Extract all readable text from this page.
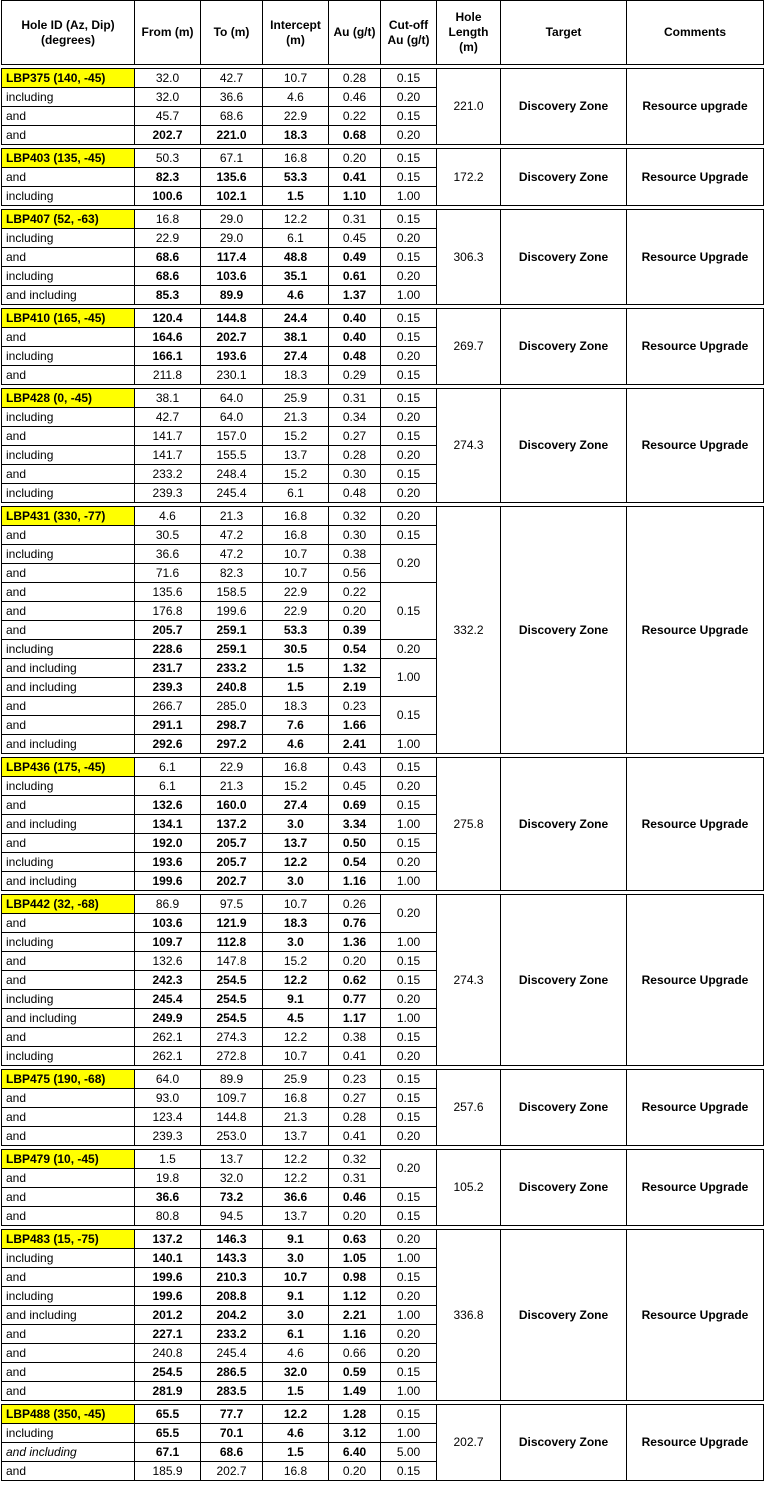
Hole ID (Az, Dip) (degrees)	From (m)	To (m)	Intercept (m)	Au (g/t)	Cut-off Au (g/t)	Hole Length (m)	Target	Comments

LBP375 (140, -45)	32.0	42.7	10.7	0.28	0.15	221.0	Discovery Zone	Resource upgrade
including	32.0	36.6	4.6	0.46	0.20			
and	45.7	68.6	22.9	0.22	0.15			
and	202.7	221.0	18.3	0.68	0.20			

LBP403 (135, -45)	50.3	67.1	16.8	0.20	0.15	172.2	Discovery Zone	Resource Upgrade
and	82.3	135.6	53.3	0.41	0.15			
including	100.6	102.1	1.5	1.10	1.00			

LBP407 (52, -63)	16.8	29.0	12.2	0.31	0.15	306.3	Discovery Zone	Resource Upgrade
including	22.9	29.0	6.1	0.45	0.20			
and	68.6	117.4	48.8	0.49	0.15			
including	68.6	103.6	35.1	0.61	0.20			
and including	85.3	89.9	4.6	1.37	1.00			

LBP410 (165, -45)	120.4	144.8	24.4	0.40	0.15	269.7	Discovery Zone	Resource Upgrade
and	164.6	202.7	38.1	0.40	0.15			
including	166.1	193.6	27.4	0.48	0.20			
and	211.8	230.1	18.3	0.29	0.15			

LBP428 (0, -45)	38.1	64.0	25.9	0.31	0.15	274.3	Discovery Zone	Resource Upgrade
including	42.7	64.0	21.3	0.34	0.20			
and	141.7	157.0	15.2	0.27	0.15			
including	141.7	155.5	13.7	0.28	0.20			
and	233.2	248.4	15.2	0.30	0.15			
including	239.3	245.4	6.1	0.48	0.20			

LBP431 (330, -77)	4.6	21.3	16.8	0.32	0.20	332.2	Discovery Zone	Resource Upgrade
and	30.5	47.2	16.8	0.30	0.15			
including	36.6	47.2	10.7	0.38	0.20			
and	71.6	82.3	10.7	0.56				
and	135.6	158.5	22.9	0.22	0.15			
and	176.8	199.6	22.9	0.20				
and	205.7	259.1	53.3	0.39				
including	228.6	259.1	30.5	0.54	0.20			
and including	231.7	233.2	1.5	1.32	1.00			
and including	239.3	240.8	1.5	2.19				
and	266.7	285.0	18.3	0.23	0.15			
and	291.1	298.7	7.6	1.66				
and including	292.6	297.2	4.6	2.41	1.00			

LBP436 (175, -45)	6.1	22.9	16.8	0.43	0.15	275.8	Discovery Zone	Resource Upgrade
including	6.1	21.3	15.2	0.45	0.20			
and	132.6	160.0	27.4	0.69	0.15			
and including	134.1	137.2	3.0	3.34	1.00			
and	192.0	205.7	13.7	0.50	0.15			
including	193.6	205.7	12.2	0.54	0.20			
and including	199.6	202.7	3.0	1.16	1.00			

LBP442 (32, -68)	86.9	97.5	10.7	0.26	0.20	274.3	Discovery Zone	Resource Upgrade
and	103.6	121.9	18.3	0.76				
including	109.7	112.8	3.0	1.36	1.00			
and	132.6	147.8	15.2	0.20	0.15			
and	242.3	254.5	12.2	0.62	0.15			
including	245.4	254.5	9.1	0.77	0.20			
and including	249.9	254.5	4.5	1.17	1.00			
and	262.1	274.3	12.2	0.38	0.15			
including	262.1	272.8	10.7	0.41	0.20			

LBP475 (190, -68)	64.0	89.9	25.9	0.23	0.15	257.6	Discovery Zone	Resource Upgrade
and	93.0	109.7	16.8	0.27	0.15			
and	123.4	144.8	21.3	0.28	0.15			
and	239.3	253.0	13.7	0.41	0.20			

LBP479 (10, -45)	1.5	13.7	12.2	0.32	0.20	105.2	Discovery Zone	Resource Upgrade
and	19.8	32.0	12.2	0.31				
and	36.6	73.2	36.6	0.46	0.15			
and	80.8	94.5	13.7	0.20	0.15			

LBP483 (15, -75)	137.2	146.3	9.1	0.63	0.20	336.8	Discovery Zone	Resource Upgrade
including	140.1	143.3	3.0	1.05	1.00			
and	199.6	210.3	10.7	0.98	0.15			
including	199.6	208.8	9.1	1.12	0.20			
and including	201.2	204.2	3.0	2.21	1.00			
and	227.1	233.2	6.1	1.16	0.20			
and	240.8	245.4	4.6	0.66	0.20			
and	254.5	286.5	32.0	0.59	0.15			
and	281.9	283.5	1.5	1.49	1.00			

LBP488 (350, -45)	65.5	77.7	12.2	1.28	0.15	202.7	Discovery Zone	Resource Upgrade
including	65.5	70.1	4.6	3.12	1.00			
and including	67.1	68.6	1.5	6.40	5.00			
and	185.9	202.7	16.8	0.20	0.15			
